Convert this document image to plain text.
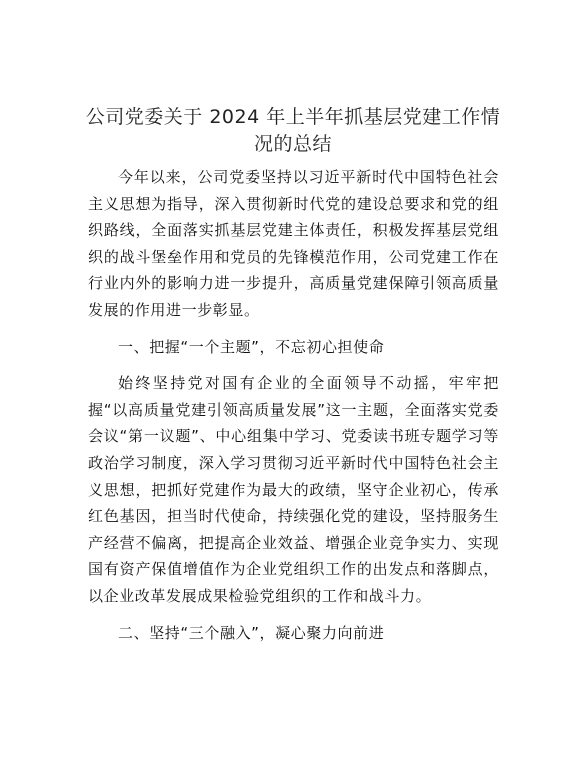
公司党委关于 2024 年上半年抓基层党建工作情况的总结

今年以来，公司党委坚持以习近平新时代中国特色社会主义思想为指导，深入贯彻新时代党的建设总要求和党的组织路线，全面落实抓基层党建主体责任，积极发挥基层党组织的战斗堡垒作用和党员的先锋模范作用，公司党建工作在行业内外的影响力进一步提升，高质量党建保障引领高质量发展的作用进一步彰显。

一、把握“一个主题”，不忘初心担使命

始终坚持党对国有企业的全面领导不动摇，牢牢把握“以高质量党建引领高质量发展”这一主题，全面落实党委会议“第一议题”、中心组集中学习、党委读书班专题学习等政治学习制度，深入学习贯彻习近平新时代中国特色社会主义思想，把抓好党建作为最大的政绩，坚守企业初心，传承红色基因，担当时代使命，持续强化党的建设，坚持服务生产经营不偏离，把提高企业效益、增强企业竞争实力、实现国有资产保值增值作为企业党组织工作的出发点和落脚点，以企业改革发展成果检验党组织的工作和战斗力。

二、坚持“三个融入”，凝心聚力向前进
